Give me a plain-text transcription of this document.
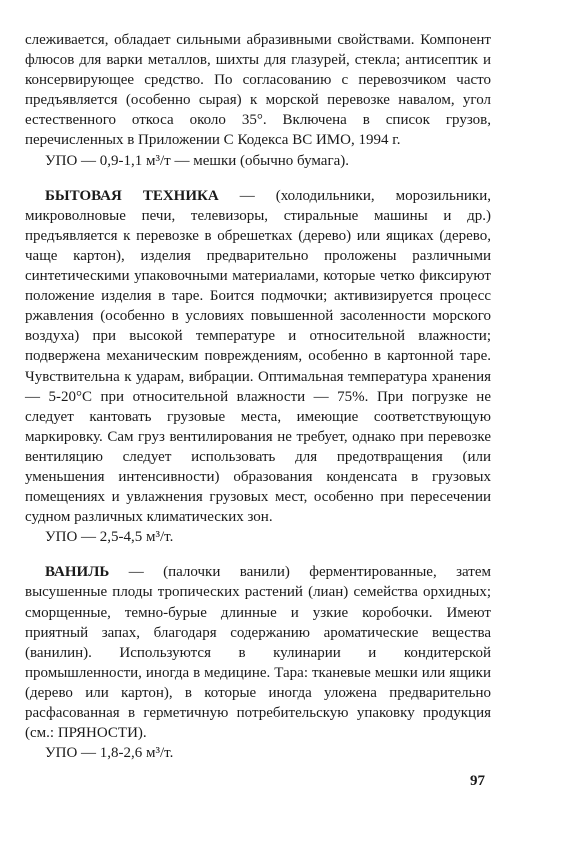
слеживается, обладает сильными абразивными свойствами. Компонент флюсов для варки металлов, шихты для глазурей, стекла; антисептик и консервирующее средство. По согласованию с перевозчиком часто предъявляется (особенно сырая) к морской перевозке навалом, угол естественного откоса около 35°. Включена в список грузов, перечисленных в Приложении С Кодекса ВС ИМО, 1994 г.

УПО — 0,9-1,1 м³/т — мешки (обычно бумага).

БЫТОВАЯ ТЕХНИКА — (холодильники, морозильники, микроволновые печи, телевизоры, стиральные машины и др.) предъявляется к перевозке в обрешетках (дерево) или ящиках (дерево, чаще картон), изделия предварительно проложены различными синтетическими упаковочными материалами, которые четко фиксируют положение изделия в таре. Боится подмочки; активизируется процесс ржавления (особенно в условиях повышенной засоленности морского воздуха) при высокой температуре и относительной влажности; подвержена механическим повреждениям, особенно в картонной таре. Чувствительна к ударам, вибрации. Оптимальная температура хранения — 5-20°С при относительной влажности — 75%. При погрузке не следует кантовать грузовые места, имеющие соответствующую маркировку. Сам груз вентилирования не требует, однако при перевозке вентиляцию следует использовать для предотвращения (или уменьшения интенсивности) образования конденсата в грузовых помещениях и увлажнения грузовых мест, особенно при пересечении судном различных климатических зон.

УПО — 2,5-4,5 м³/т.

ВАНИЛЬ — (палочки ванили) ферментированные, затем высушенные плоды тропических растений (лиан) семейства орхидных; сморщенные, темно-бурые длинные и узкие коробочки. Имеют приятный запах, благодаря содержанию ароматические вещества (ванилин). Используются в кулинарии и кондитерской промышленности, иногда в медицине. Тара: тканевые мешки или ящики (дерево или картон), в которые иногда уложена предварительно расфасованная в герметичную потребительскую упаковку продукция (см.: ПРЯНОСТИ).

УПО — 1,8-2,6 м³/т.

97
